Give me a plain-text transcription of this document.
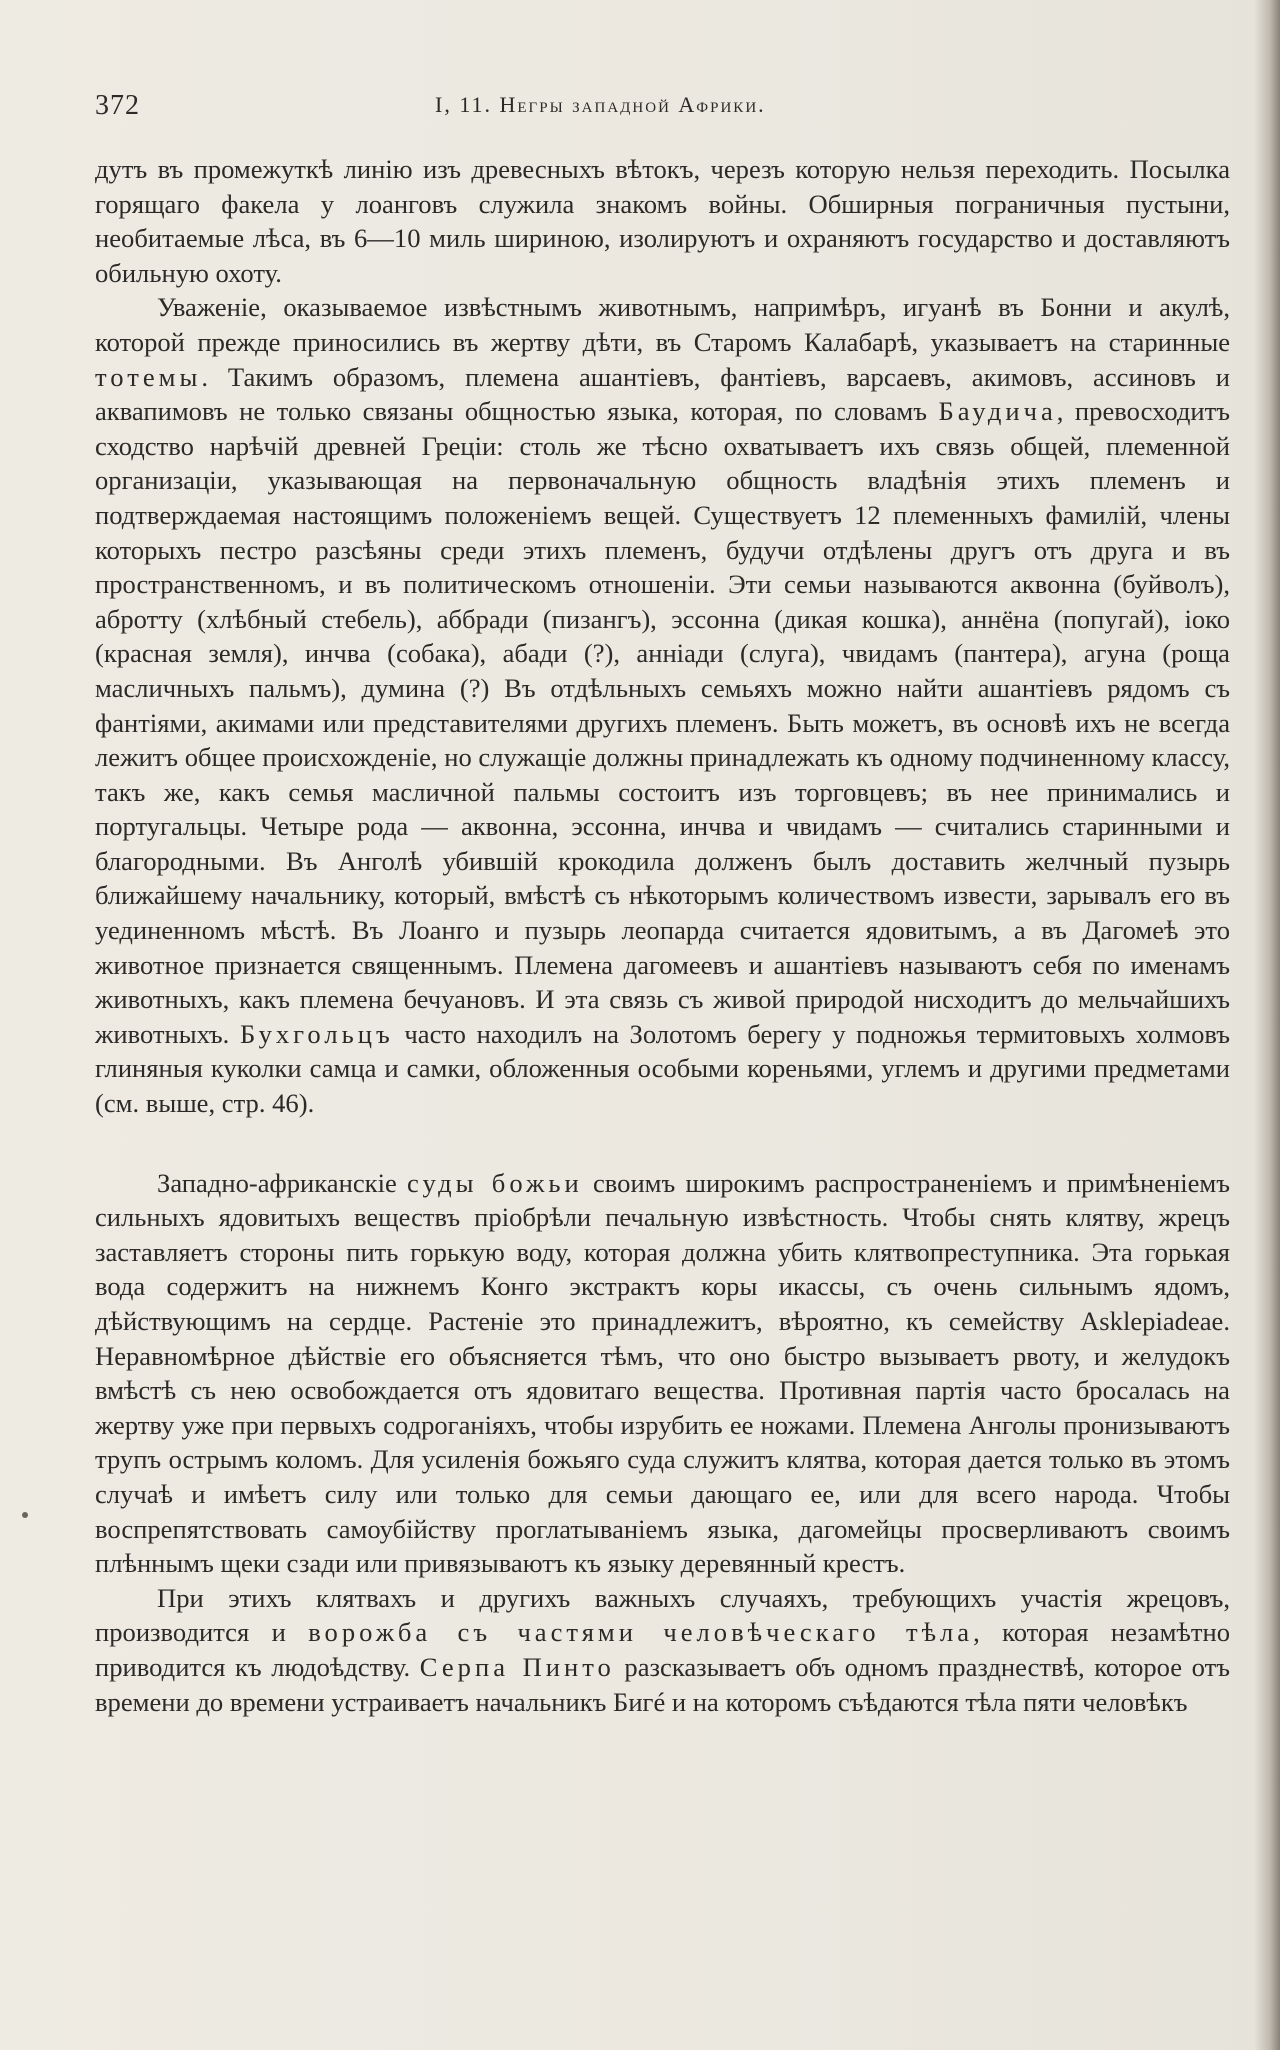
372	I, 11. Негры западной Африки.

дутъ въ промежуткѣ линію изъ древесныхъ вѣтокъ, черезъ которую нельзя переходить. Посылка горящаго факела у лоанговъ служила знакомъ войны. Обширныя пограничныя пустыни, необитаемые лѣса, въ 6—10 миль шириною, изолируютъ и охраняютъ государство и доставляютъ обильную охоту.

Уваженіе, оказываемое извѣстнымъ животнымъ, напримѣръ, игуанѣ въ Бонни и акулѣ, которой прежде приносились въ жертву дѣти, въ Старомъ Калабарѣ, указываетъ на старинные тотемы. Такимъ образомъ, племена ашантіевъ, фантіевъ, варсаевъ, акимовъ, ассиновъ и аквапимовъ не только связаны общностью языка, которая, по словамъ Баудича, превосходитъ сходство нарѣчій древней Греціи: столь же тѣсно охватываетъ ихъ связь общей, племенной организаціи, указывающая на первоначальную общность владѣнія этихъ племенъ и подтверждаемая настоящимъ положеніемъ вещей. Существуетъ 12 племенныхъ фамилій, члены которыхъ пестро разсѣяны среди этихъ племенъ, будучи отдѣлены другъ отъ друга и въ пространственномъ, и въ политическомъ отношеніи. Эти семьи называются аквонна (буйволъ), абротту (хлѣбный стебель), аббради (пизангъ), эссонна (дикая кошка), аннёна (попугай), іоко (красная земля), инчва (собака), абади (?), анніади (слуга), чвидамъ (пантера), агуна (роща масличныхъ пальмъ), думина (?) Въ отдѣльныхъ семьяхъ можно найти ашантіевъ рядомъ съ фантіями, акимами или представителями другихъ племенъ. Быть можетъ, въ основѣ ихъ не всегда лежитъ общее происхожденіе, но служащіе должны принадлежать къ одному подчиненному классу, такъ же, какъ семья масличной пальмы состоитъ изъ торговцевъ; въ нее принимались и португальцы. Четыре рода — аквонна, эссонна, инчва и чвидамъ — считались старинными и благородными. Въ Анголѣ убившій крокодила долженъ былъ доставить желчный пузырь ближайшему начальнику, который, вмѣстѣ съ нѣкоторымъ количествомъ извести, зарывалъ его въ уединенномъ мѣстѣ. Въ Лоанго и пузырь леопарда считается ядовитымъ, а въ Дагомеѣ это животное признается священнымъ. Племена дагомеевъ и ашантіевъ называютъ себя по именамъ животныхъ, какъ племена бечуановъ. И эта связь съ живой природой нисходитъ до мельчайшихъ животныхъ. Бухгольцъ часто находилъ на Золотомъ берегу у подножья термитовыхъ холмовъ глиняныя куколки самца и самки, обложенныя особыми кореньями, углемъ и другими предметами (см. выше, стр. 46).

Западно-африканскіе суды божьи своимъ широкимъ распространеніемъ и примѣненіемъ сильныхъ ядовитыхъ веществъ пріобрѣли печальную извѣстность. Чтобы снять клятву, жрецъ заставляетъ стороны пить горькую воду, которая должна убить клятвопреступника. Эта горькая вода содержитъ на нижнемъ Конго экстрактъ коры икассы, съ очень сильнымъ ядомъ, дѣйствующимъ на сердце. Растеніе это принадлежитъ, вѣроятно, къ семейству Asklepiadeae. Неравномѣрное дѣйствіе его объясняется тѣмъ, что оно быстро вызываетъ рвоту, и желудокъ вмѣстѣ съ нею освобождается отъ ядовитаго вещества. Противная партія часто бросалась на жертву уже при первыхъ содроганіяхъ, чтобы изрубить ее ножами. Племена Анголы пронизываютъ трупъ острымъ коломъ. Для усиленія божьяго суда служитъ клятва, которая дается только въ этомъ случаѣ и имѣетъ силу или только для семьи дающаго ее, или для всего народа. Чтобы воспрепятствовать самоубійству проглатываніемъ языка, дагомейцы просверливаютъ своимъ плѣннымъ щеки сзади или привязываютъ къ языку деревянный крестъ.

При этихъ клятвахъ и другихъ важныхъ случаяхъ, требующихъ участія жрецовъ, производится и ворожба съ частями человѣческаго тѣла, которая незамѣтно приводится къ людоѣдству. Серпа Пинто разсказываетъ объ одномъ празднествѣ, которое отъ времени до времени устраиваетъ начальникъ Бигé и на которомъ съѣдаются тѣла пяти человѣкъ
